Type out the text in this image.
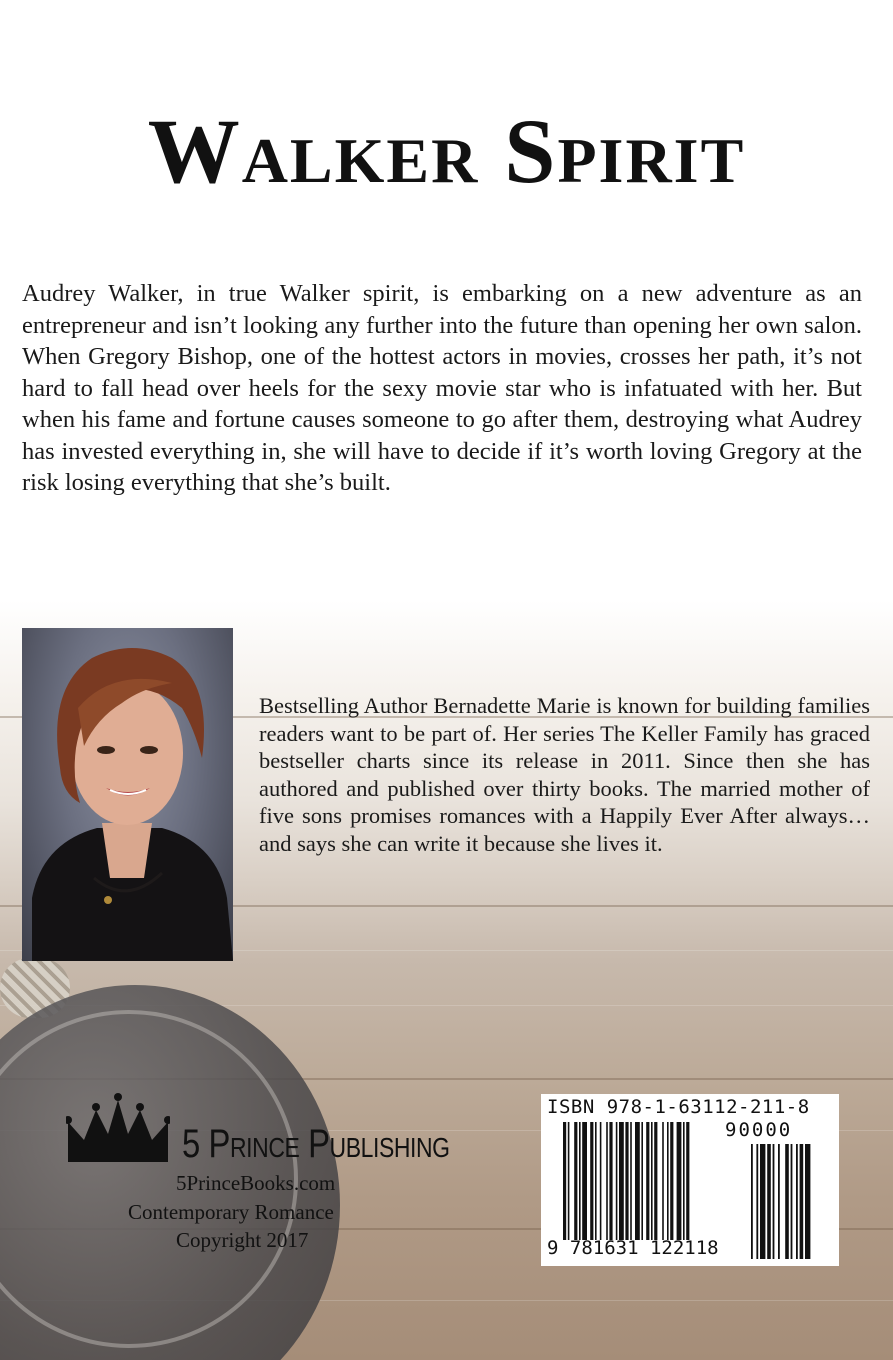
Walker Spirit

Audrey Walker, in true Walker spirit, is embarking on a new adventure as an entrepreneur and isn’t looking any further into the future than opening her own salon. When Gregory Bishop, one of the hottest actors in movies, crosses her path, it’s not hard to fall head over heels for the sexy movie star who is infatuated with her. But when his fame and fortune causes someone to go after them, destroying what Audrey has invested everything in, she will have to decide if it’s worth loving Gregory at the risk losing everything that she’s built.

Bestselling Author Bernadette Marie is known for building families readers want to be part of. Her series The Keller Family has graced bestseller charts since its release in 2011. Since then she has authored and published over thirty books. The married mother of five sons promises romances with a Happily Ever After always…and says she can write it because she lives it.

5 Prince Publishing

5PrinceBooks.com

Contemporary Romance

Copyright 2017

ISBN 978-1-63112-211-8

90000

9 781631 122118
